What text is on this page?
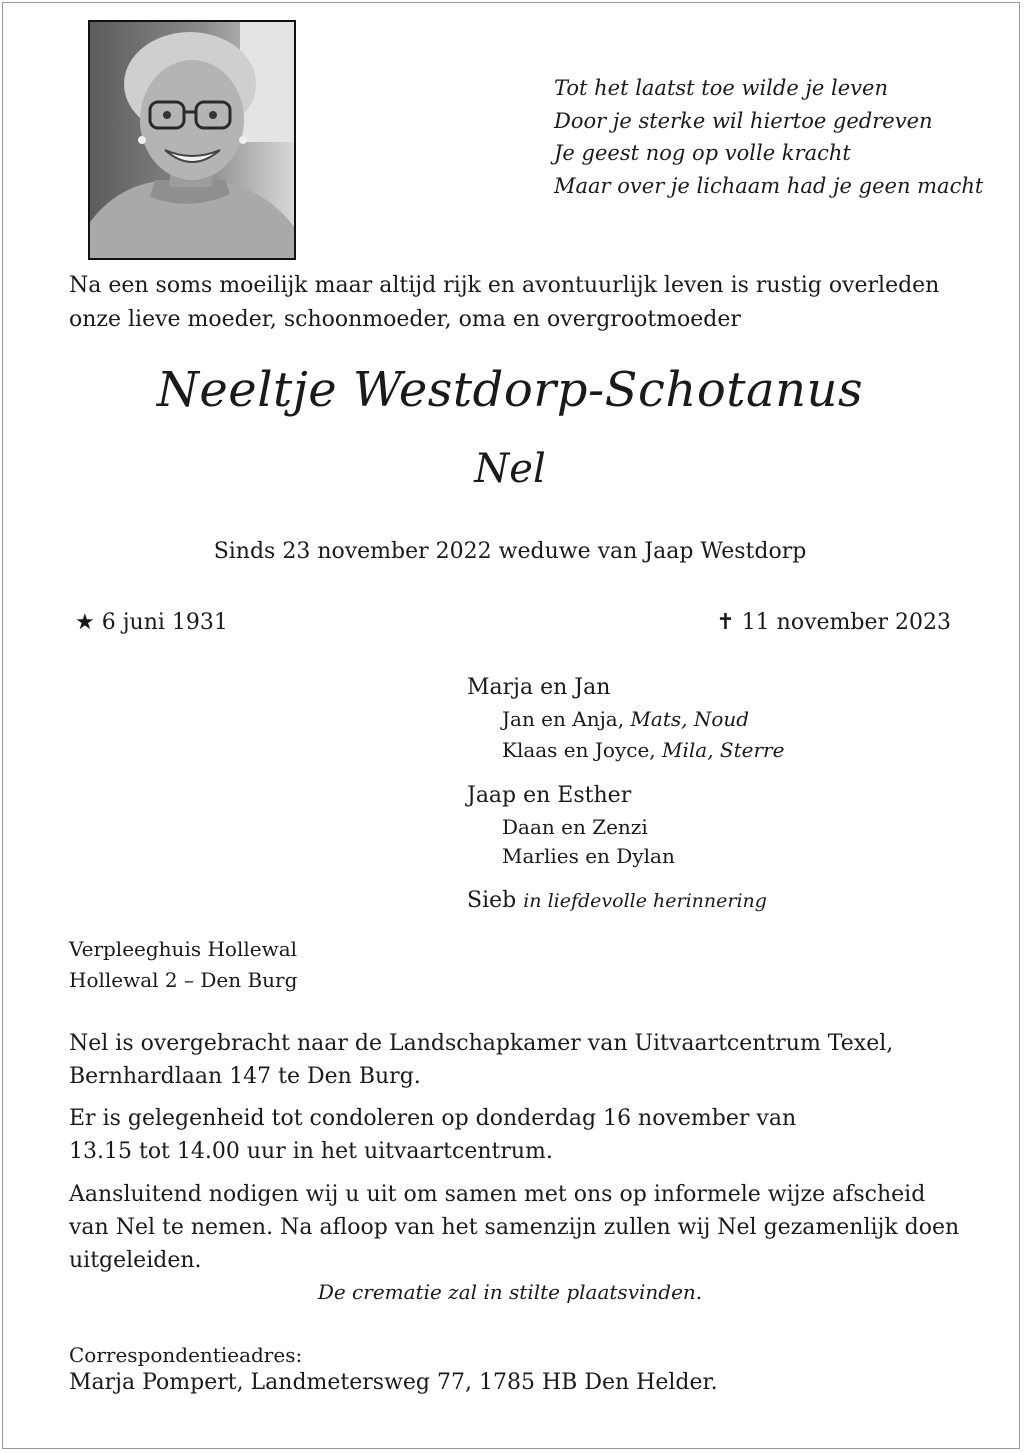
Tot het laatst toe wilde je leven
Door je sterke wil hiertoe gedreven
Je geest nog op volle kracht
Maar over je lichaam had je geen macht
Na een soms moeilijk maar altijd rijk en avontuurlijk leven is rustig overleden
onze lieve moeder, schoonmoeder, oma en overgrootmoeder
Neeltje Westdorp-Schotanus
Nel
Sinds 23 november 2022 weduwe van Jaap Westdorp
★ 6 juni 1931	✝ 11 november 2023
Marja en Jan
Jan en Anja, Mats, Noud
Klaas en Joyce, Mila, Sterre
Jaap en Esther
Daan en Zenzi
Marlies en Dylan
Sieb in liefdevolle herinnering
Verpleeghuis Hollewal
Hollewal 2 – Den Burg
Nel is overgebracht naar de Landschapkamer van Uitvaartcentrum Texel,
Bernhardlaan 147 te Den Burg.
Er is gelegenheid tot condoleren op donderdag 16 november van
13.15 tot 14.00 uur in het uitvaartcentrum.
Aansluitend nodigen wij u uit om samen met ons op informele wijze afscheid
van Nel te nemen. Na afloop van het samenzijn zullen wij Nel gezamenlijk doen
uitgeleiden.
De crematie zal in stilte plaatsvinden.
Correspondentieadres:
Marja Pompert, Landmetersweg 77, 1785 HB Den Helder.
